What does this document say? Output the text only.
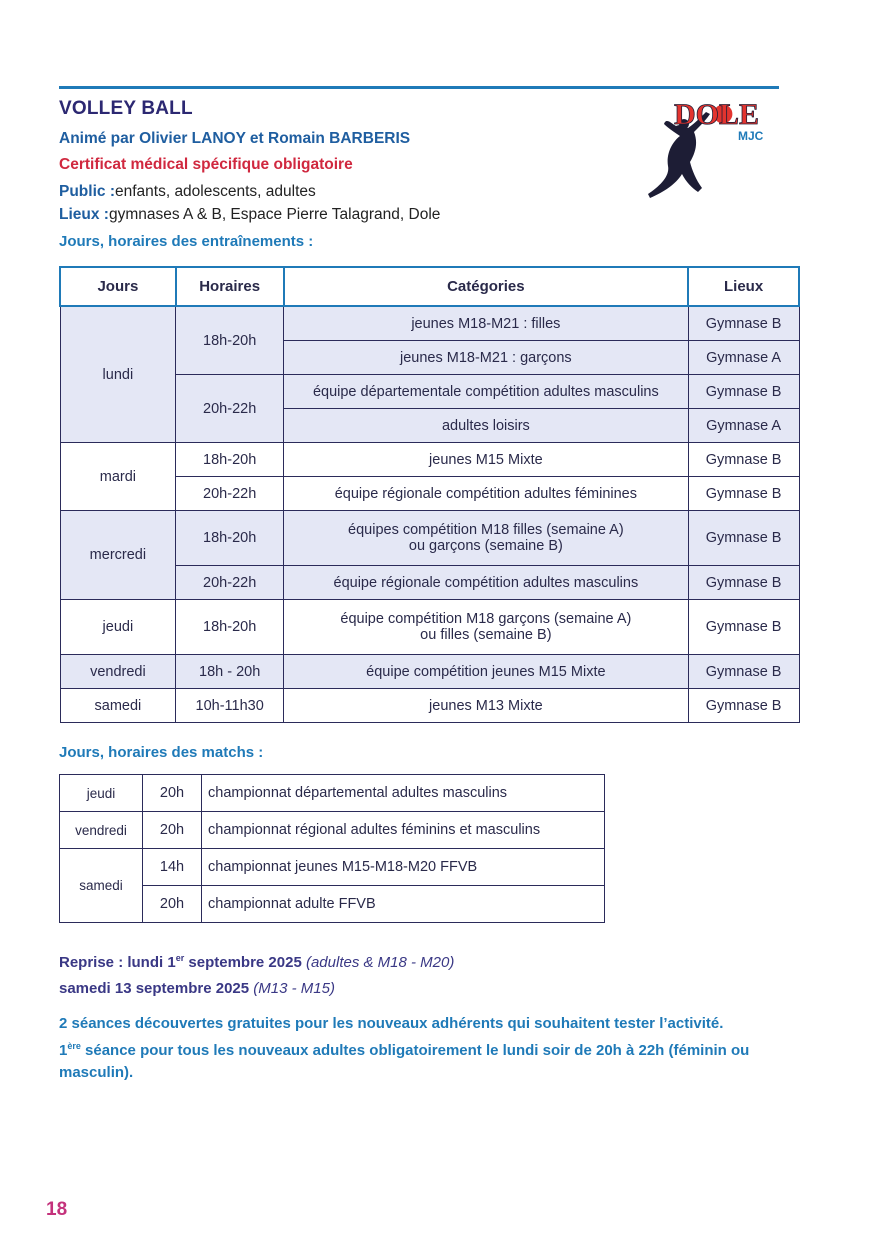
VOLLEY BALL
Animé par Olivier LANOY et Romain BARBERIS
Certificat médical spécifique obligatoire
Public :enfants, adolescents, adultes
Lieux :gymnases A & B, Espace Pierre Talagrand, Dole
Jours, horaires des entraînements :
DOLE
MJC
Jours	Horaires	Catégories	Lieux
lundi	18h-20h	jeunes M18-M21 : filles	Gymnase B
		jeunes M18-M21 : garçons	Gymnase A
	20h-22h	équipe départementale compétition adultes masculins	Gymnase B
		adultes loisirs	Gymnase A
mardi	18h-20h	jeunes M15 Mixte	Gymnase B
	20h-22h	équipe régionale compétition adultes féminines	Gymnase B
mercredi	18h-20h	équipes compétition M18 filles (semaine A)
ou garçons (semaine B)	Gymnase B
	20h-22h	équipe régionale compétition adultes masculins	Gymnase B
jeudi	18h-20h	équipe compétition M18 garçons (semaine A)
ou filles (semaine B)	Gymnase B
vendredi	18h - 20h	équipe compétition jeunes M15 Mixte	Gymnase B
samedi	10h-11h30	jeunes M13 Mixte	Gymnase B
Jours, horaires des matchs :
jeudi	20h	championnat départemental adultes masculins
vendredi	20h	championnat régional adultes féminins et masculins
samedi	14h	championnat jeunes M15-M18-M20 FFVB
	20h	championnat adulte FFVB
Reprise : lundi 1er septembre 2025 (adultes & M18 - M20)
samedi 13 septembre 2025 (M13 - M15)
2 séances découvertes gratuites pour les nouveaux adhérents qui souhaitent tester l’activité.
1ère séance pour tous les nouveaux adultes obligatoirement le lundi soir de 20h à 22h (féminin ou masculin).
18
